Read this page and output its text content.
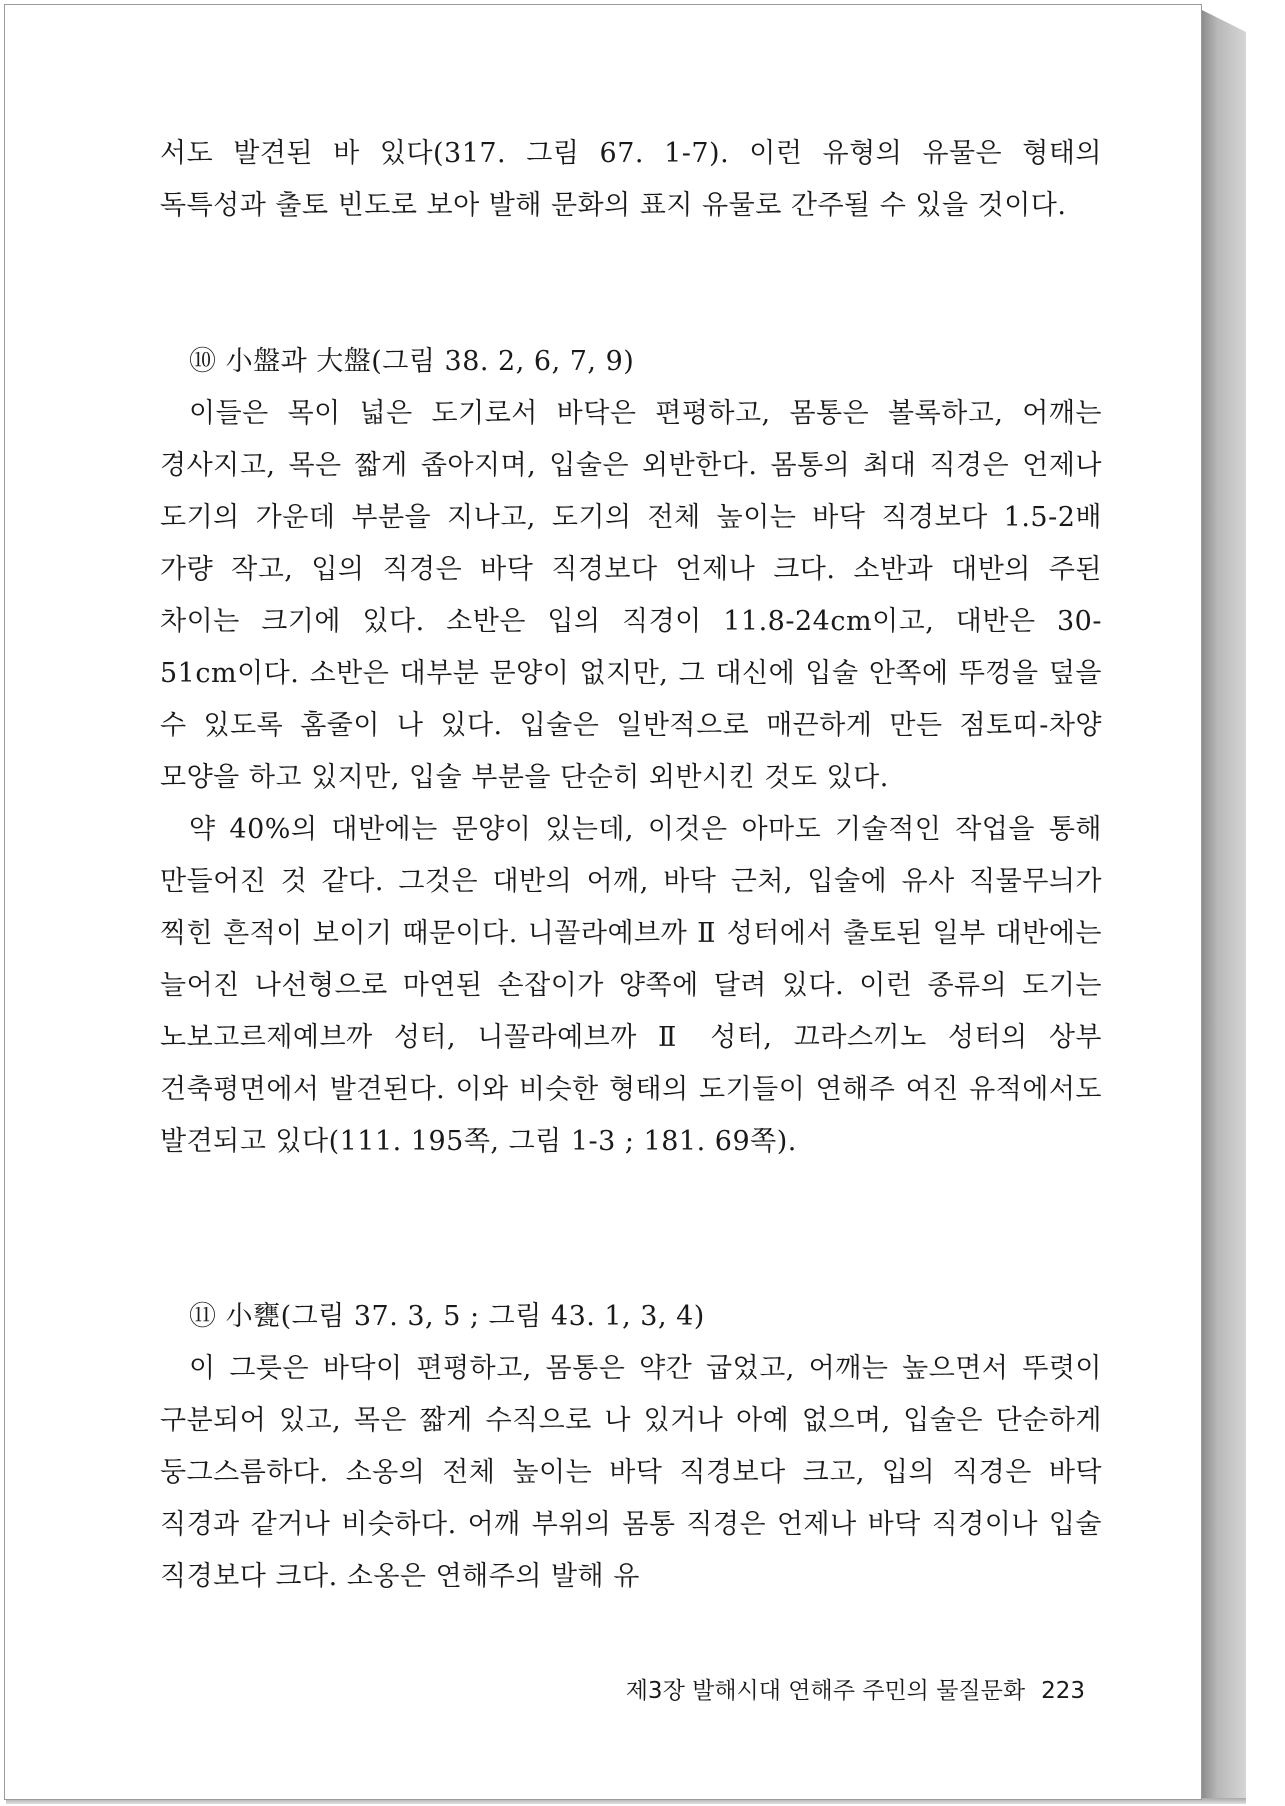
서도 발견된 바 있다(317. 그림 67. 1-7). 이런 유형의 유물은 형태의 독특성과 출토 빈도로 보아 발해 문화의 표지 유물로 간주될 수 있을 것이다.

⑩ 小盤과 大盤(그림 38. 2, 6, 7, 9)

이들은 목이 넓은 도기로서 바닥은 편평하고, 몸통은 볼록하고, 어깨는 경사지고, 목은 짧게 좁아지며, 입술은 외반한다. 몸통의 최대 직경은 언제나 도기의 가운데 부분을 지나고, 도기의 전체 높이는 바닥 직경보다 1.5-2배 가량 작고, 입의 직경은 바닥 직경보다 언제나 크다. 소반과 대반의 주된 차이는 크기에 있다. 소반은 입의 직경이 11.8-24cm이고, 대반은 30-51cm이다. 소반은 대부분 문양이 없지만, 그 대신에 입술 안쪽에 뚜껑을 덮을 수 있도록 홈줄이 나 있다. 입술은 일반적으로 매끈하게 만든 점토띠-차양 모양을 하고 있지만, 입술 부분을 단순히 외반시킨 것도 있다.

약 40%의 대반에는 문양이 있는데, 이것은 아마도 기술적인 작업을 통해 만들어진 것 같다. 그것은 대반의 어깨, 바닥 근처, 입술에 유사 직물무늬가 찍힌 흔적이 보이기 때문이다. 니꼴라예브까 Ⅱ 성터에서 출토된 일부 대반에는 늘어진 나선형으로 마연된 손잡이가 양쪽에 달려 있다. 이런 종류의 도기는 노보고르제예브까 성터, 니꼴라예브까 Ⅱ 성터, 끄라스끼노 성터의 상부 건축평면에서 발견된다. 이와 비슷한 형태의 도기들이 연해주 여진 유적에서도 발견되고 있다(111. 195쪽, 그림 1-3 ; 181. 69쪽).

⑪ 小甕(그림 37. 3, 5 ; 그림 43. 1, 3, 4)

이 그릇은 바닥이 편평하고, 몸통은 약간 굽었고, 어깨는 높으면서 뚜렷이 구분되어 있고, 목은 짧게 수직으로 나 있거나 아예 없으며, 입술은 단순하게 둥그스름하다. 소옹의 전체 높이는 바닥 직경보다 크고, 입의 직경은 바닥 직경과 같거나 비슷하다. 어깨 부위의 몸통 직경은 언제나 바닥 직경이나 입술 직경보다 크다. 소옹은 연해주의 발해 유

제3장 발해시대 연해주 주민의 물질문화 223
